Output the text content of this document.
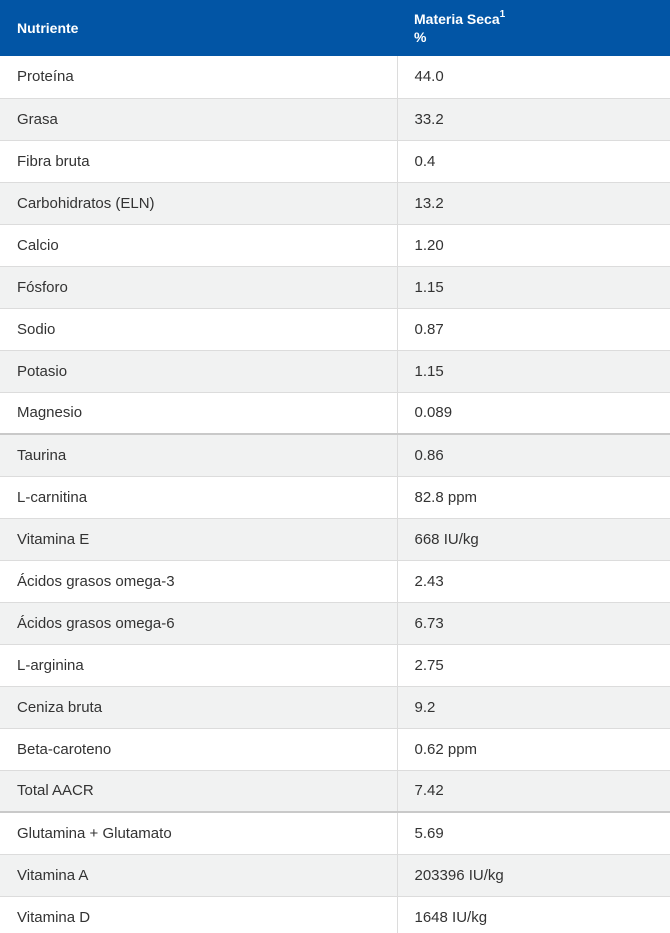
Nutriente	Materia Seca$^1$
%
Proteína	44.0
Grasa	33.2
Fibra bruta	0.4
Carbohidratos (ELN)	13.2
Calcio	1.20
Fósforo	1.15
Sodio	0.87
Potasio	1.15
Magnesio	0.089
Taurina	0.86
L-carnitina	82.8 ppm
Vitamina E	668 IU/kg
Ácidos grasos omega-3	2.43
Ácidos grasos omega-6	6.73
L-arginina	2.75
Ceniza bruta	9.2
Beta-caroteno	0.62 ppm
Total AACR	7.42
Glutamina + Glutamato	5.69
Vitamina A	203396 IU/kg
Vitamina D	1648 IU/kg
